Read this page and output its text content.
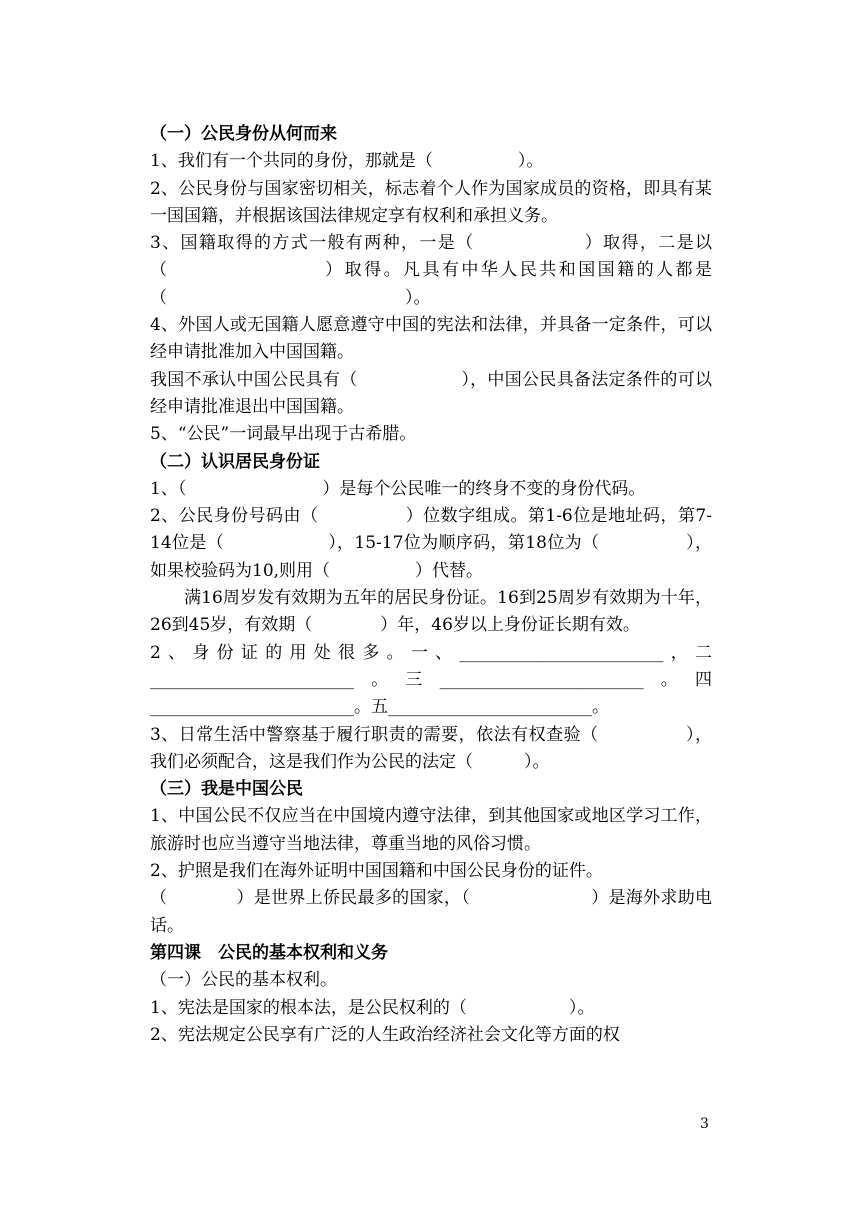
（一）公民身份从何而来

1、我们有一个共同的身份，那就是（　　　　　）。

2、公民身份与国家密切相关，标志着个人作为国家成员的资格，即具有某一国国籍，并根据该国法律规定享有权利和承担义务。

3、国籍取得的方式一般有两种，一是（　　　　　　）取得，二是以（　　　　　　　　）取得。凡具有中华人民共和国国籍的人都是（　　　　　　　　　　　　　　）。

4、外国人或无国籍人愿意遵守中国的宪法和法律，并具备一定条件，可以经申请批准加入中国国籍。

我国不承认中国公民具有（　　　　　　），中国公民具备法定条件的可以经申请批准退出中国国籍。

5、“公民”一词最早出现于古希腊。

（二）认识居民身份证

1、（　　　　　　　　）是每个公民唯一的终身不变的身份代码。

2、公民身份号码由（　　　　　）位数字组成。第1-6位是地址码，第7-14位是（　　　　　　），15-17位为顺序码，第18位为（　　　　　），如果校验码为10,则用（　　　　　）代替。

满16周岁发有效期为五年的居民身份证。16到25周岁有效期为十年，26到45岁，有效期（　　　　）年，46岁以上身份证长期有效。

2、身份证的用处很多。一、________________________，二________________________。三________________________。四________________________。五________________________。

3、日常生活中警察基于履行职责的需要，依法有权查验（　　　　　），我们必须配合，这是我们作为公民的法定（　　　）。

（三）我是中国公民

1、中国公民不仅应当在中国境内遵守法律，到其他国家或地区学习工作，旅游时也应当遵守当地法律，尊重当地的风俗习惯。

2、护照是我们在海外证明中国国籍和中国公民身份的证件。

（　　　　）是世界上侨民最多的国家，（　　　　　　　）是海外求助电话。

第四课　公民的基本权利和义务

（一）公民的基本权利。

1、宪法是国家的根本法，是公民权利的（　　　　　　）。

2、宪法规定公民享有广泛的人生政治经济社会文化等方面的权

3
